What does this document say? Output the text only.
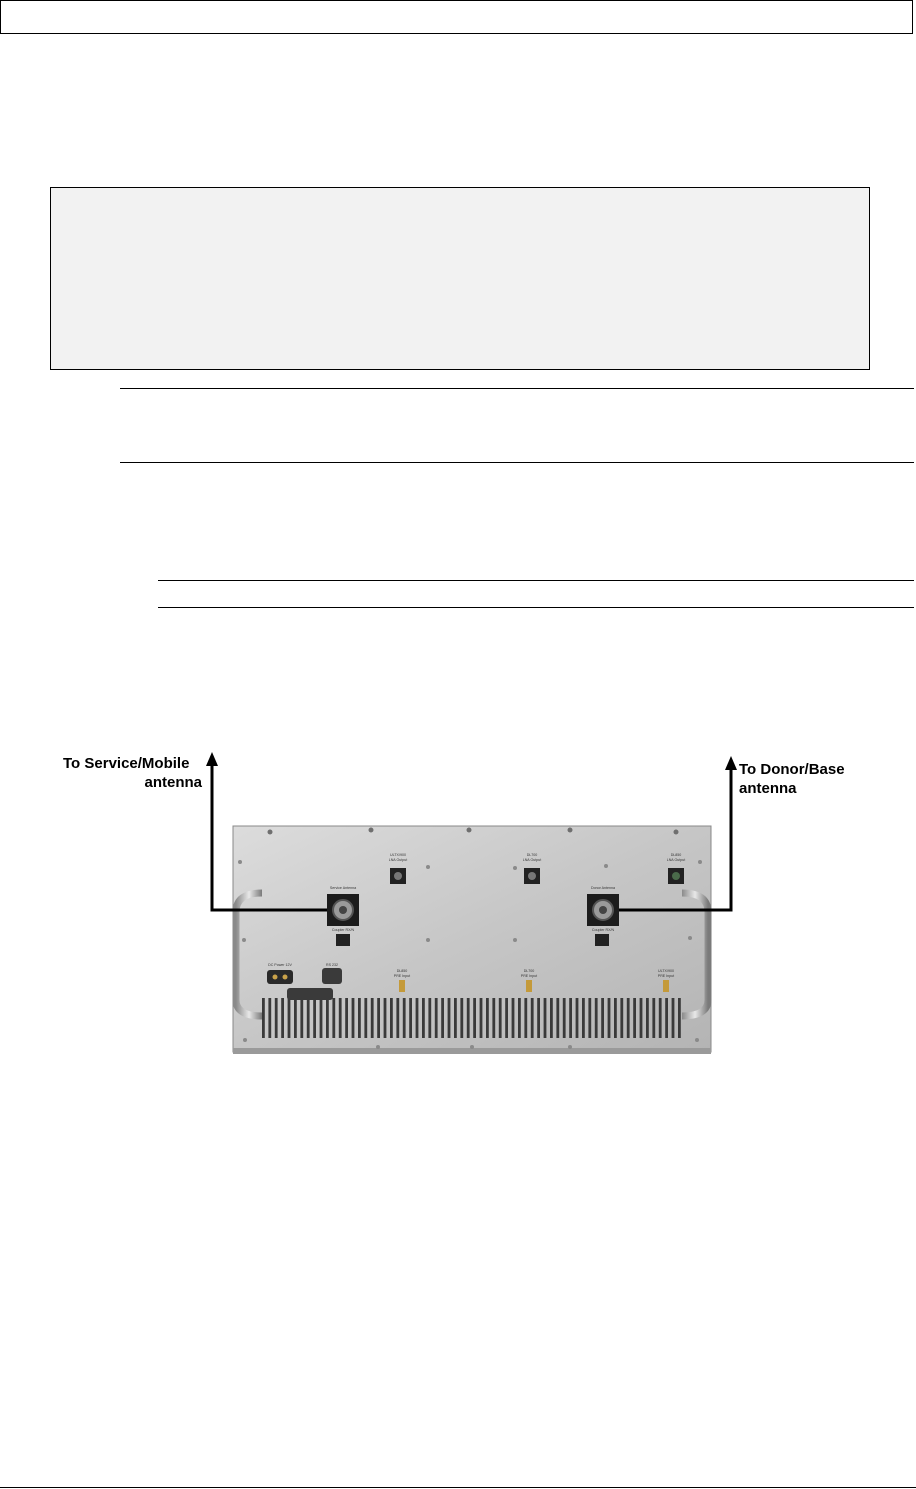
To Service/Mobile
antenna
To Donor/Base
antenna
ULTX/900
LNA Output
DL700
LNA Output
DL850
LNA Output
Service Antenna	Donor Antenna
Coupler RX/N	Coupler RX/N
DC Power 12V	RS 232
DL850
PRE Input
DL700
PRE Input
ULTX/900
PRE Input
